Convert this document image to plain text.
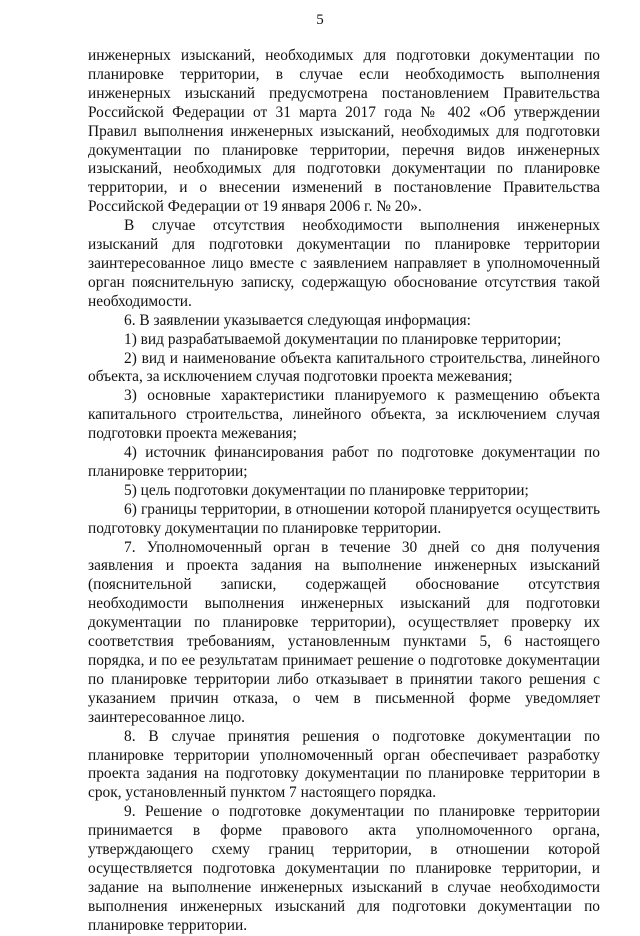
5

инженерных изысканий, необходимых для подготовки документации по планировке территории, в случае если необходимость выполнения инженерных изысканий предусмотрена постановлением Правительства Российской Федерации от 31 марта 2017 года № 402 «Об утверждении Правил выполнения инженерных изысканий, необходимых для подготовки документации по планировке территории, перечня видов инженерных изысканий, необходимых для подготовки документации по планировке территории, и о внесении изменений в постановление Правительства Российской Федерации от 19 января 2006 г. № 20».

В случае отсутствия необходимости выполнения инженерных изысканий для подготовки документации по планировке территории заинтересованное лицо вместе с заявлением направляет в уполномоченный орган пояснительную записку, содержащую обоснование отсутствия такой необходимости.

6. В заявлении указывается следующая информация:

1) вид разрабатываемой документации по планировке территории;

2) вид и наименование объекта капитального строительства, линейного объекта, за исключением случая подготовки проекта межевания;

3) основные характеристики планируемого к размещению объекта капитального строительства, линейного объекта, за исключением случая подготовки проекта межевания;

4) источник финансирования работ по подготовке документации по планировке территории;

5) цель подготовки документации по планировке территории;

6) границы территории, в отношении которой планируется осуществить подготовку документации по планировке территории.

7. Уполномоченный орган в течение 30 дней со дня получения заявления и проекта задания на выполнение инженерных изысканий (пояснительной записки, содержащей обоснование отсутствия необходимости выполнения инженерных изысканий для подготовки документации по планировке территории), осуществляет проверку их соответствия требованиям, установленным пунктами 5, 6 настоящего порядка, и по ее результатам принимает решение о подготовке документации по планировке территории либо отказывает в принятии такого решения с указанием причин отказа, о чем в письменной форме уведомляет заинтересованное лицо.

8. В случае принятия решения о подготовке документации по планировке территории уполномоченный орган обеспечивает разработку проекта задания на подготовку документации по планировке территории в срок, установленный пунктом 7 настоящего порядка.

9. Решение о подготовке документации по планировке территории принимается в форме правового акта уполномоченного органа, утверждающего схему границ территории, в отношении которой осуществляется подготовка документации по планировке территории, и задание на выполнение инженерных изысканий в случае необходимости выполнения инженерных изысканий для подготовки документации по планировке территории.
